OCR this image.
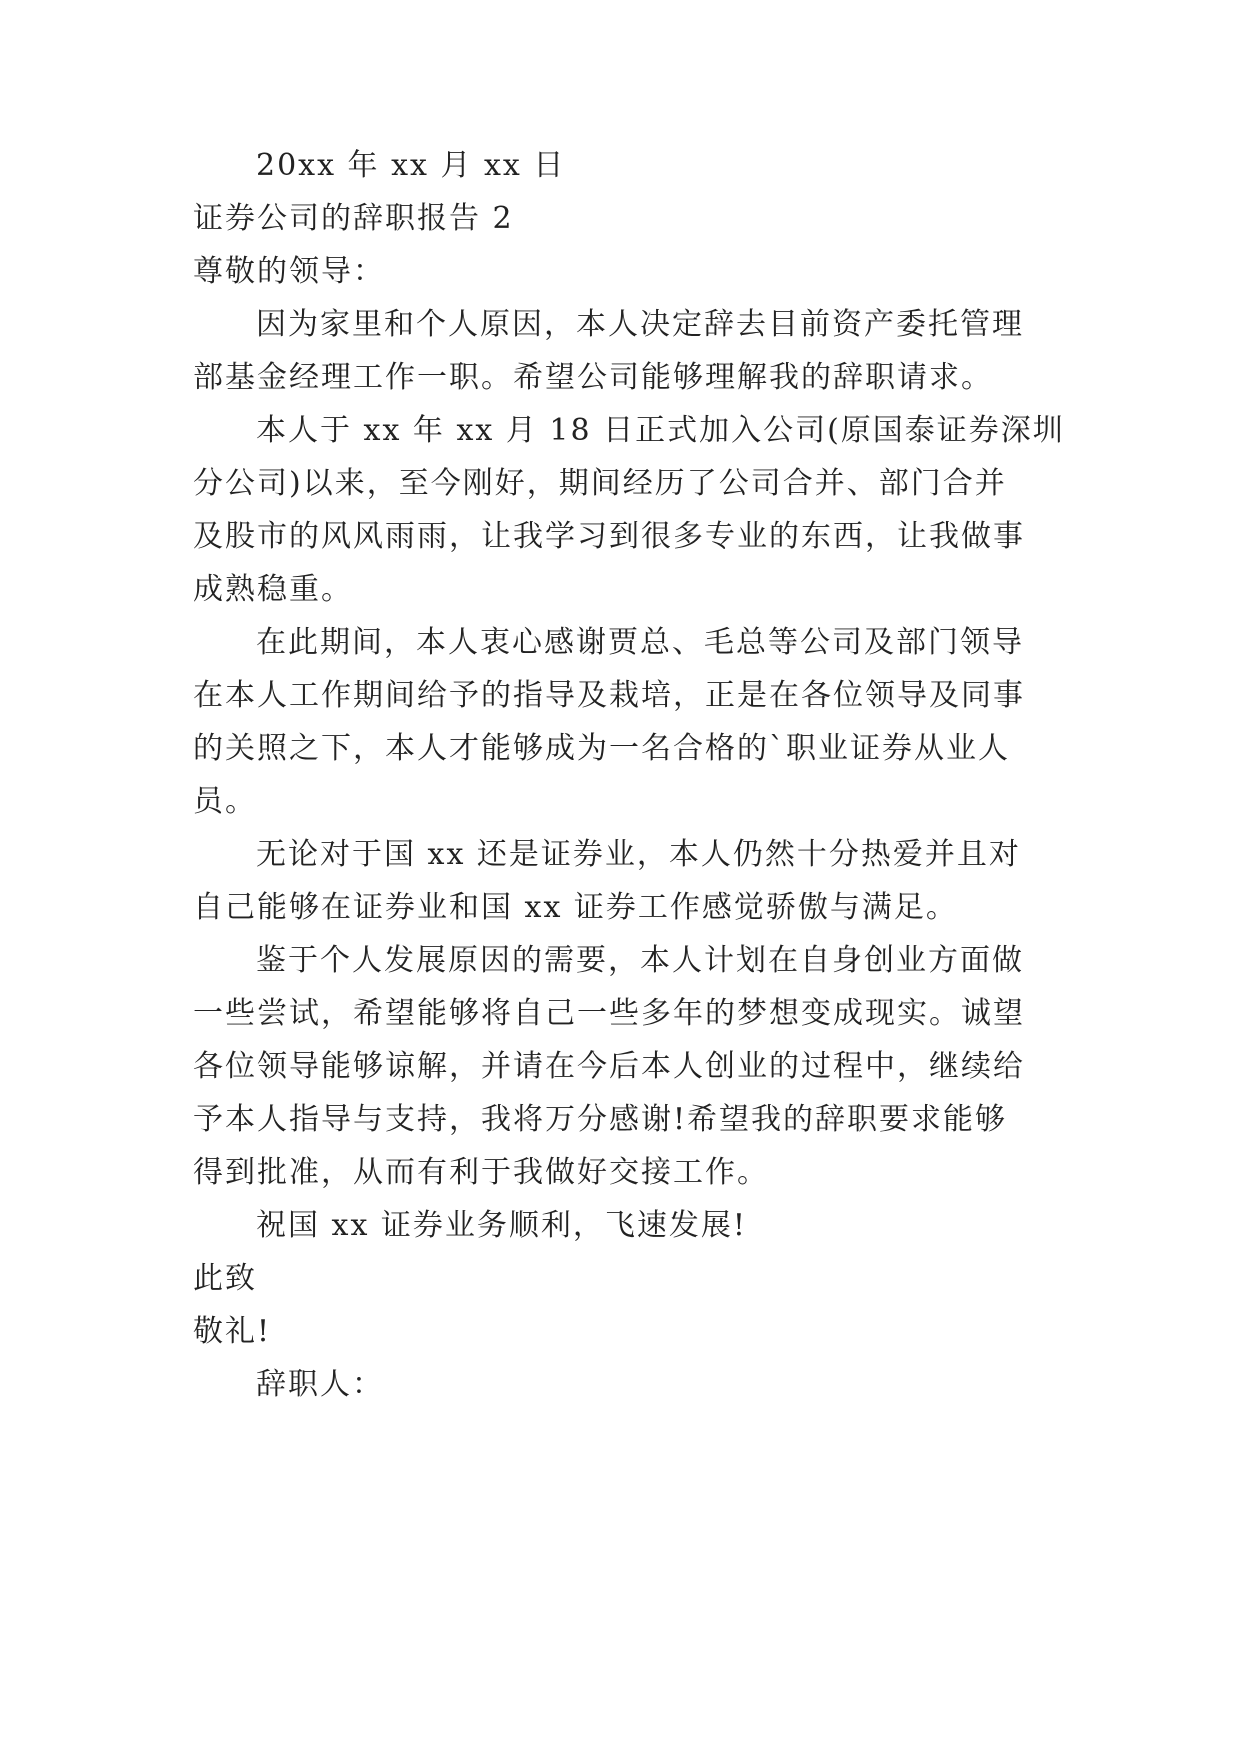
20xx 年 xx 月 xx 日
证券公司的辞职报告 2
尊敬的领导：
因为家里和个人原因，本人决定辞去目前资产委托管理
部基金经理工作一职。希望公司能够理解我的辞职请求。
本人于 xx 年 xx 月 18 日正式加入公司(原国泰证券深圳
分公司)以来，至今刚好，期间经历了公司合并、部门合并
及股市的风风雨雨，让我学习到很多专业的东西，让我做事
成熟稳重。
在此期间，本人衷心感谢贾总、毛总等公司及部门领导
在本人工作期间给予的指导及栽培，正是在各位领导及同事
的关照之下，本人才能够成为一名合格的`职业证券从业人
员。
无论对于国 xx 还是证券业，本人仍然十分热爱并且对
自己能够在证券业和国 xx 证券工作感觉骄傲与满足。
鉴于个人发展原因的需要，本人计划在自身创业方面做
一些尝试，希望能够将自己一些多年的梦想变成现实。诚望
各位领导能够谅解，并请在今后本人创业的过程中，继续给
予本人指导与支持，我将万分感谢!希望我的辞职要求能够
得到批准，从而有利于我做好交接工作。
祝国 xx 证券业务顺利，飞速发展!
此致
敬礼!
辞职人：
